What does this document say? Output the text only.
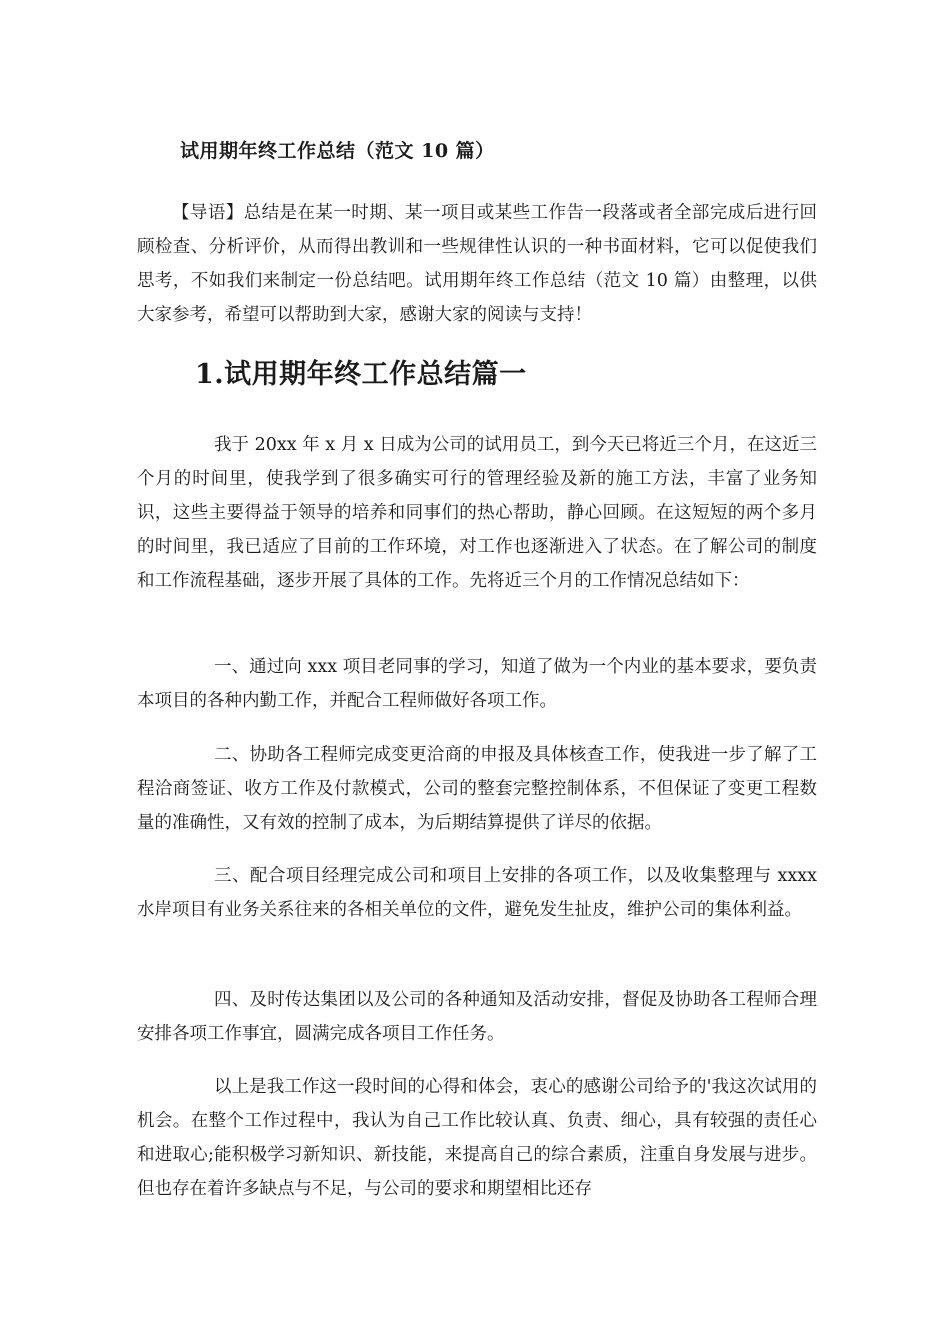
试用期年终工作总结（范文 10 篇）

【导语】总结是在某一时期、某一项目或某些工作告一段落或者全部完成后进行回顾检查、分析评价，从而得出教训和一些规律性认识的一种书面材料，它可以促使我们思考，不如我们来制定一份总结吧。试用期年终工作总结（范文 10 篇）由整理，以供大家参考，希望可以帮助到大家，感谢大家的阅读与支持！

1.试用期年终工作总结篇一

我于 20xx 年 x 月 x 日成为公司的试用员工，到今天已将近三个月，在这近三个月的时间里，使我学到了很多确实可行的管理经验及新的施工方法，丰富了业务知识，这些主要得益于领导的培养和同事们的热心帮助，静心回顾。在这短短的两个多月的时间里，我已适应了目前的工作环境，对工作也逐渐进入了状态。在了解公司的制度和工作流程基础，逐步开展了具体的工作。先将近三个月的工作情况总结如下：

一、通过向 xxx 项目老同事的学习，知道了做为一个内业的基本要求，要负责本项目的各种内勤工作，并配合工程师做好各项工作。

二、协助各工程师完成变更洽商的申报及具体核查工作，使我进一步了解了工程洽商签证、收方工作及付款模式，公司的整套完整控制体系，不但保证了变更工程数量的准确性，又有效的控制了成本，为后期结算提供了详尽的依据。

三、配合项目经理完成公司和项目上安排的各项工作，以及收集整理与 xxxx 水岸项目有业务关系往来的各相关单位的文件，避免发生扯皮，维护公司的集体利益。

四、及时传达集团以及公司的各种通知及活动安排，督促及协助各工程师合理安排各项工作事宜，圆满完成各项目工作任务。

以上是我工作这一段时间的心得和体会，衷心的感谢公司给予的'我这次试用的机会。在整个工作过程中，我认为自己工作比较认真、负责、细心，具有较强的责任心和进取心;能积极学习新知识、新技能，来提高自己的综合素质，注重自身发展与进步。但也存在着许多缺点与不足，与公司的要求和期望相比还存
